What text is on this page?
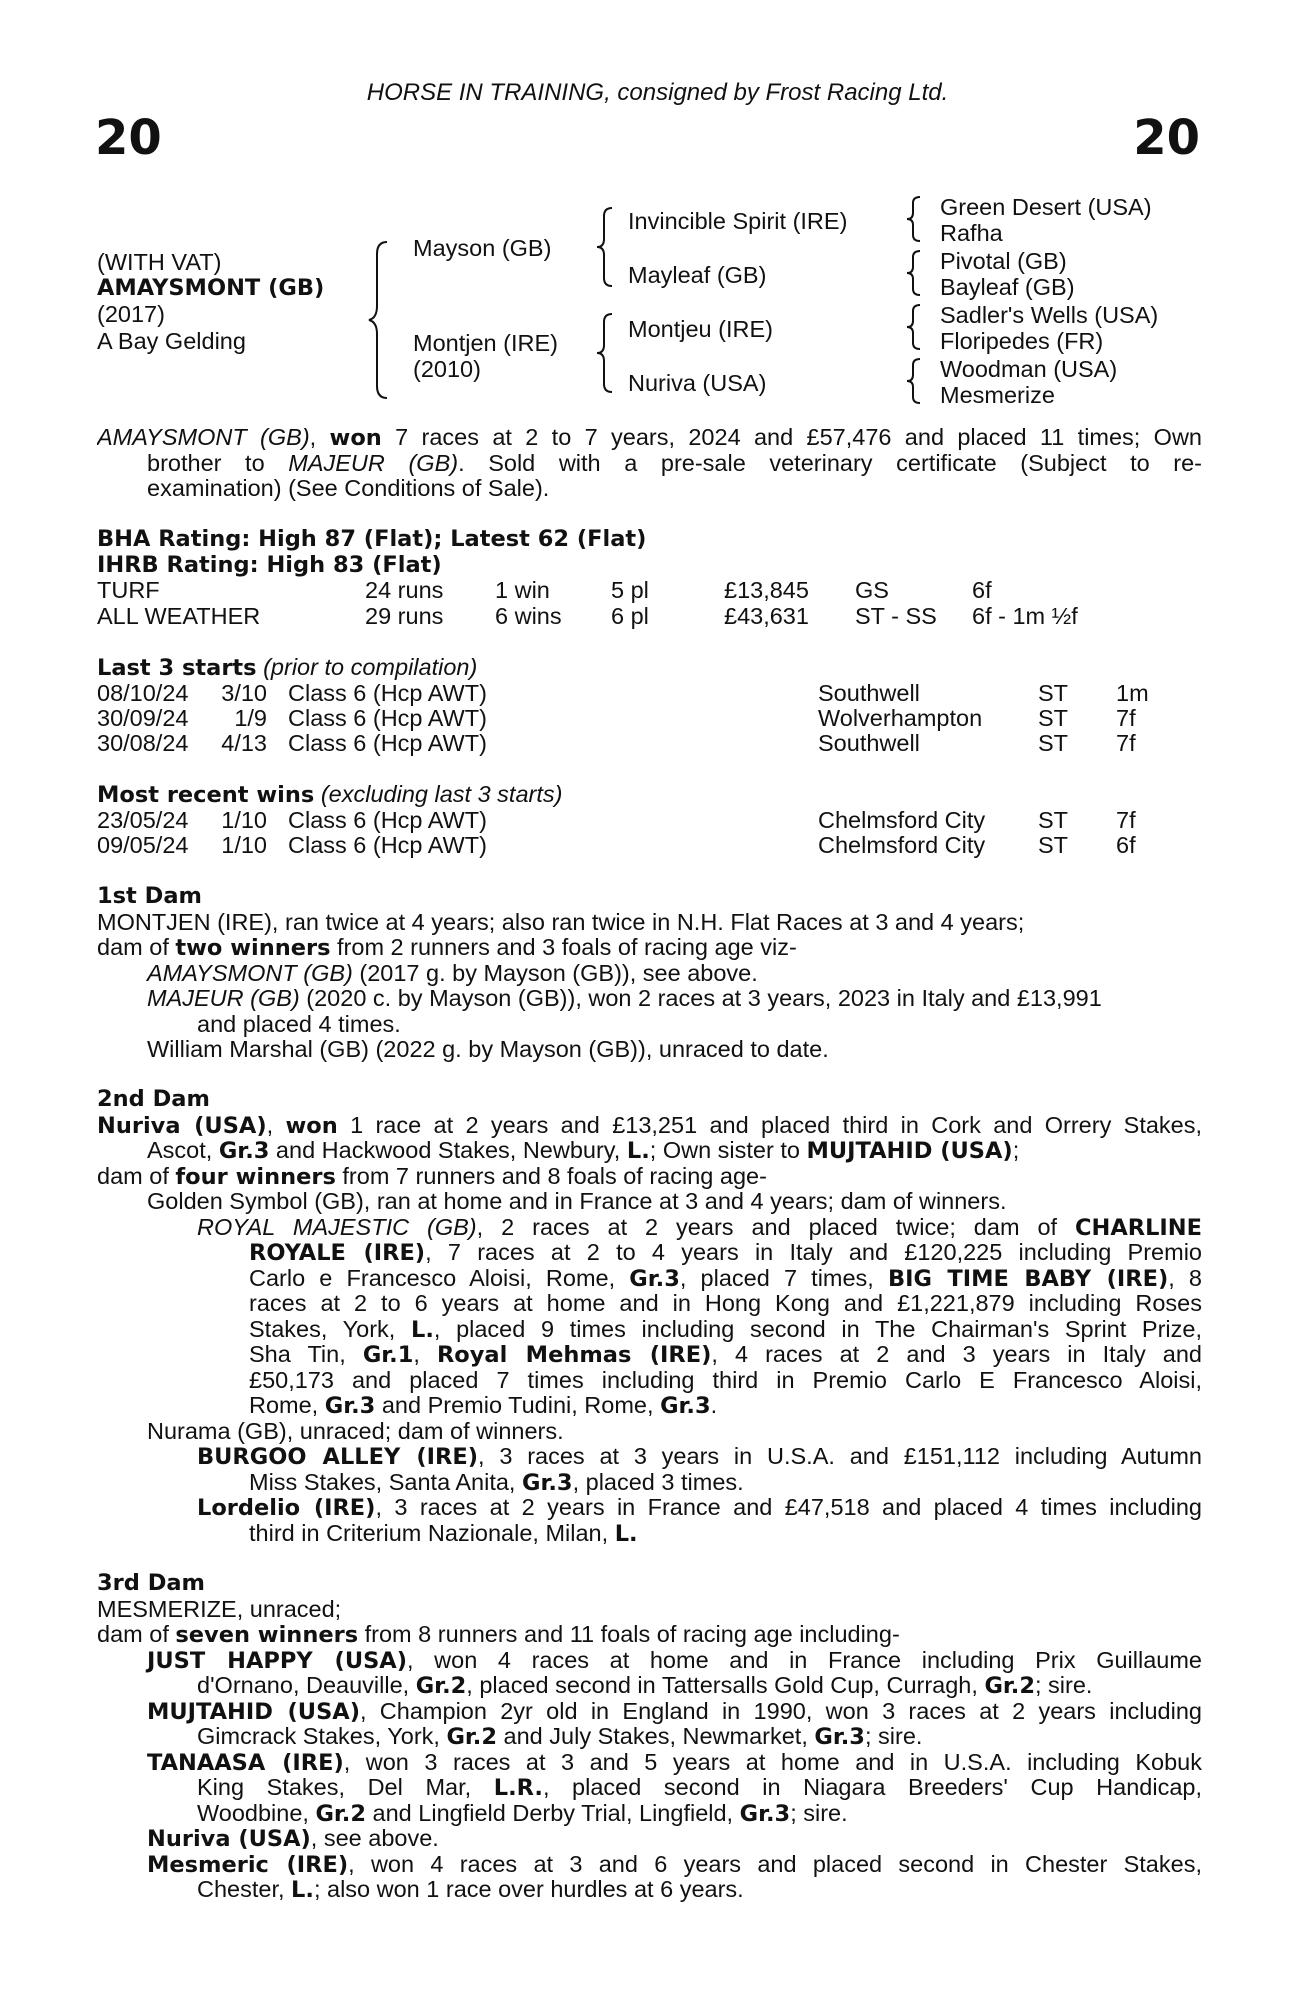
HORSE IN TRAINING, consigned by Frost Racing Ltd.
20	20
(WITH VAT)
AMAYSMONT (GB)
(2017)
A Bay Gelding
Mayson (GB)
Montjen (IRE)
(2010)
Invincible Spirit (IRE)
Mayleaf (GB)
Montjeu (IRE)
Nuriva (USA)
Green Desert (USA)
Rafha
Pivotal (GB)
Bayleaf (GB)
Sadler's Wells (USA)
Floripedes (FR)
Woodman (USA)
Mesmerize
AMAYSMONT (GB), won 7 races at 2 to 7 years, 2024 and £57,476 and placed 11 times; Own
brother to MAJEUR (GB). Sold with a pre-sale veterinary certificate (Subject to re-
examination) (See Conditions of Sale).
BHA Rating: High 87 (Flat); Latest 62 (Flat)
IHRB Rating: High 83 (Flat)
TURF	24 runs 1 win	5 pl	£13,845 GS	6f
ALL WEATHER	29 runs 6 wins 6 pl	£43,631 ST - SS 6f - 1m ½f
Last 3 starts (prior to compilation)
08/10/24	3/10 Class 6 (Hcp AWT)	Southwell	ST 1m
30/09/24	1/9 Class 6 (Hcp AWT)	Wolverhampton ST 7f
30/08/24	4/13 Class 6 (Hcp AWT)	Southwell	ST 7f
Most recent wins (excluding last 3 starts)
23/05/24	1/10 Class 6 (Hcp AWT)	Chelmsford City ST 7f
09/05/24	1/10 Class 6 (Hcp AWT)	Chelmsford City ST 6f
1st Dam
MONTJEN (IRE), ran twice at 4 years; also ran twice in N.H. Flat Races at 3 and 4 years;
dam of two winners from 2 runners and 3 foals of racing age viz-
AMAYSMONT (GB) (2017 g. by Mayson (GB)), see above.
MAJEUR (GB) (2020 c. by Mayson (GB)), won 2 races at 3 years, 2023 in Italy and £13,991
and placed 4 times.
William Marshal (GB) (2022 g. by Mayson (GB)), unraced to date.
2nd Dam
Nuriva (USA), won 1 race at 2 years and £13,251 and placed third in Cork and Orrery Stakes,
Ascot, Gr.3 and Hackwood Stakes, Newbury, L.; Own sister to MUJTAHID (USA);
dam of four winners from 7 runners and 8 foals of racing age-
Golden Symbol (GB), ran at home and in France at 3 and 4 years; dam of winners.
ROYAL MAJESTIC (GB), 2 races at 2 years and placed twice; dam of CHARLINE
ROYALE (IRE), 7 races at 2 to 4 years in Italy and £120,225 including Premio
Carlo e Francesco Aloisi, Rome, Gr.3, placed 7 times, BIG TIME BABY (IRE), 8
races at 2 to 6 years at home and in Hong Kong and £1,221,879 including Roses
Stakes, York, L., placed 9 times including second in The Chairman's Sprint Prize,
Sha Tin, Gr.1, Royal Mehmas (IRE), 4 races at 2 and 3 years in Italy and
£50,173 and placed 7 times including third in Premio Carlo E Francesco Aloisi,
Rome, Gr.3 and Premio Tudini, Rome, Gr.3.
Nurama (GB), unraced; dam of winners.
BURGOO ALLEY (IRE), 3 races at 3 years in U.S.A. and £151,112 including Autumn
Miss Stakes, Santa Anita, Gr.3, placed 3 times.
Lordelio (IRE), 3 races at 2 years in France and £47,518 and placed 4 times including
third in Criterium Nazionale, Milan, L.
3rd Dam
MESMERIZE, unraced;
dam of seven winners from 8 runners and 11 foals of racing age including-
JUST HAPPY (USA), won 4 races at home and in France including Prix Guillaume
d'Ornano, Deauville, Gr.2, placed second in Tattersalls Gold Cup, Curragh, Gr.2; sire.
MUJTAHID (USA), Champion 2yr old in England in 1990, won 3 races at 2 years including
Gimcrack Stakes, York, Gr.2 and July Stakes, Newmarket, Gr.3; sire.
TANAASA (IRE), won 3 races at 3 and 5 years at home and in U.S.A. including Kobuk
King Stakes, Del Mar, L.R., placed second in Niagara Breeders' Cup Handicap,
Woodbine, Gr.2 and Lingfield Derby Trial, Lingfield, Gr.3; sire.
Nuriva (USA), see above.
Mesmeric (IRE), won 4 races at 3 and 6 years and placed second in Chester Stakes,
Chester, L.; also won 1 race over hurdles at 6 years.
